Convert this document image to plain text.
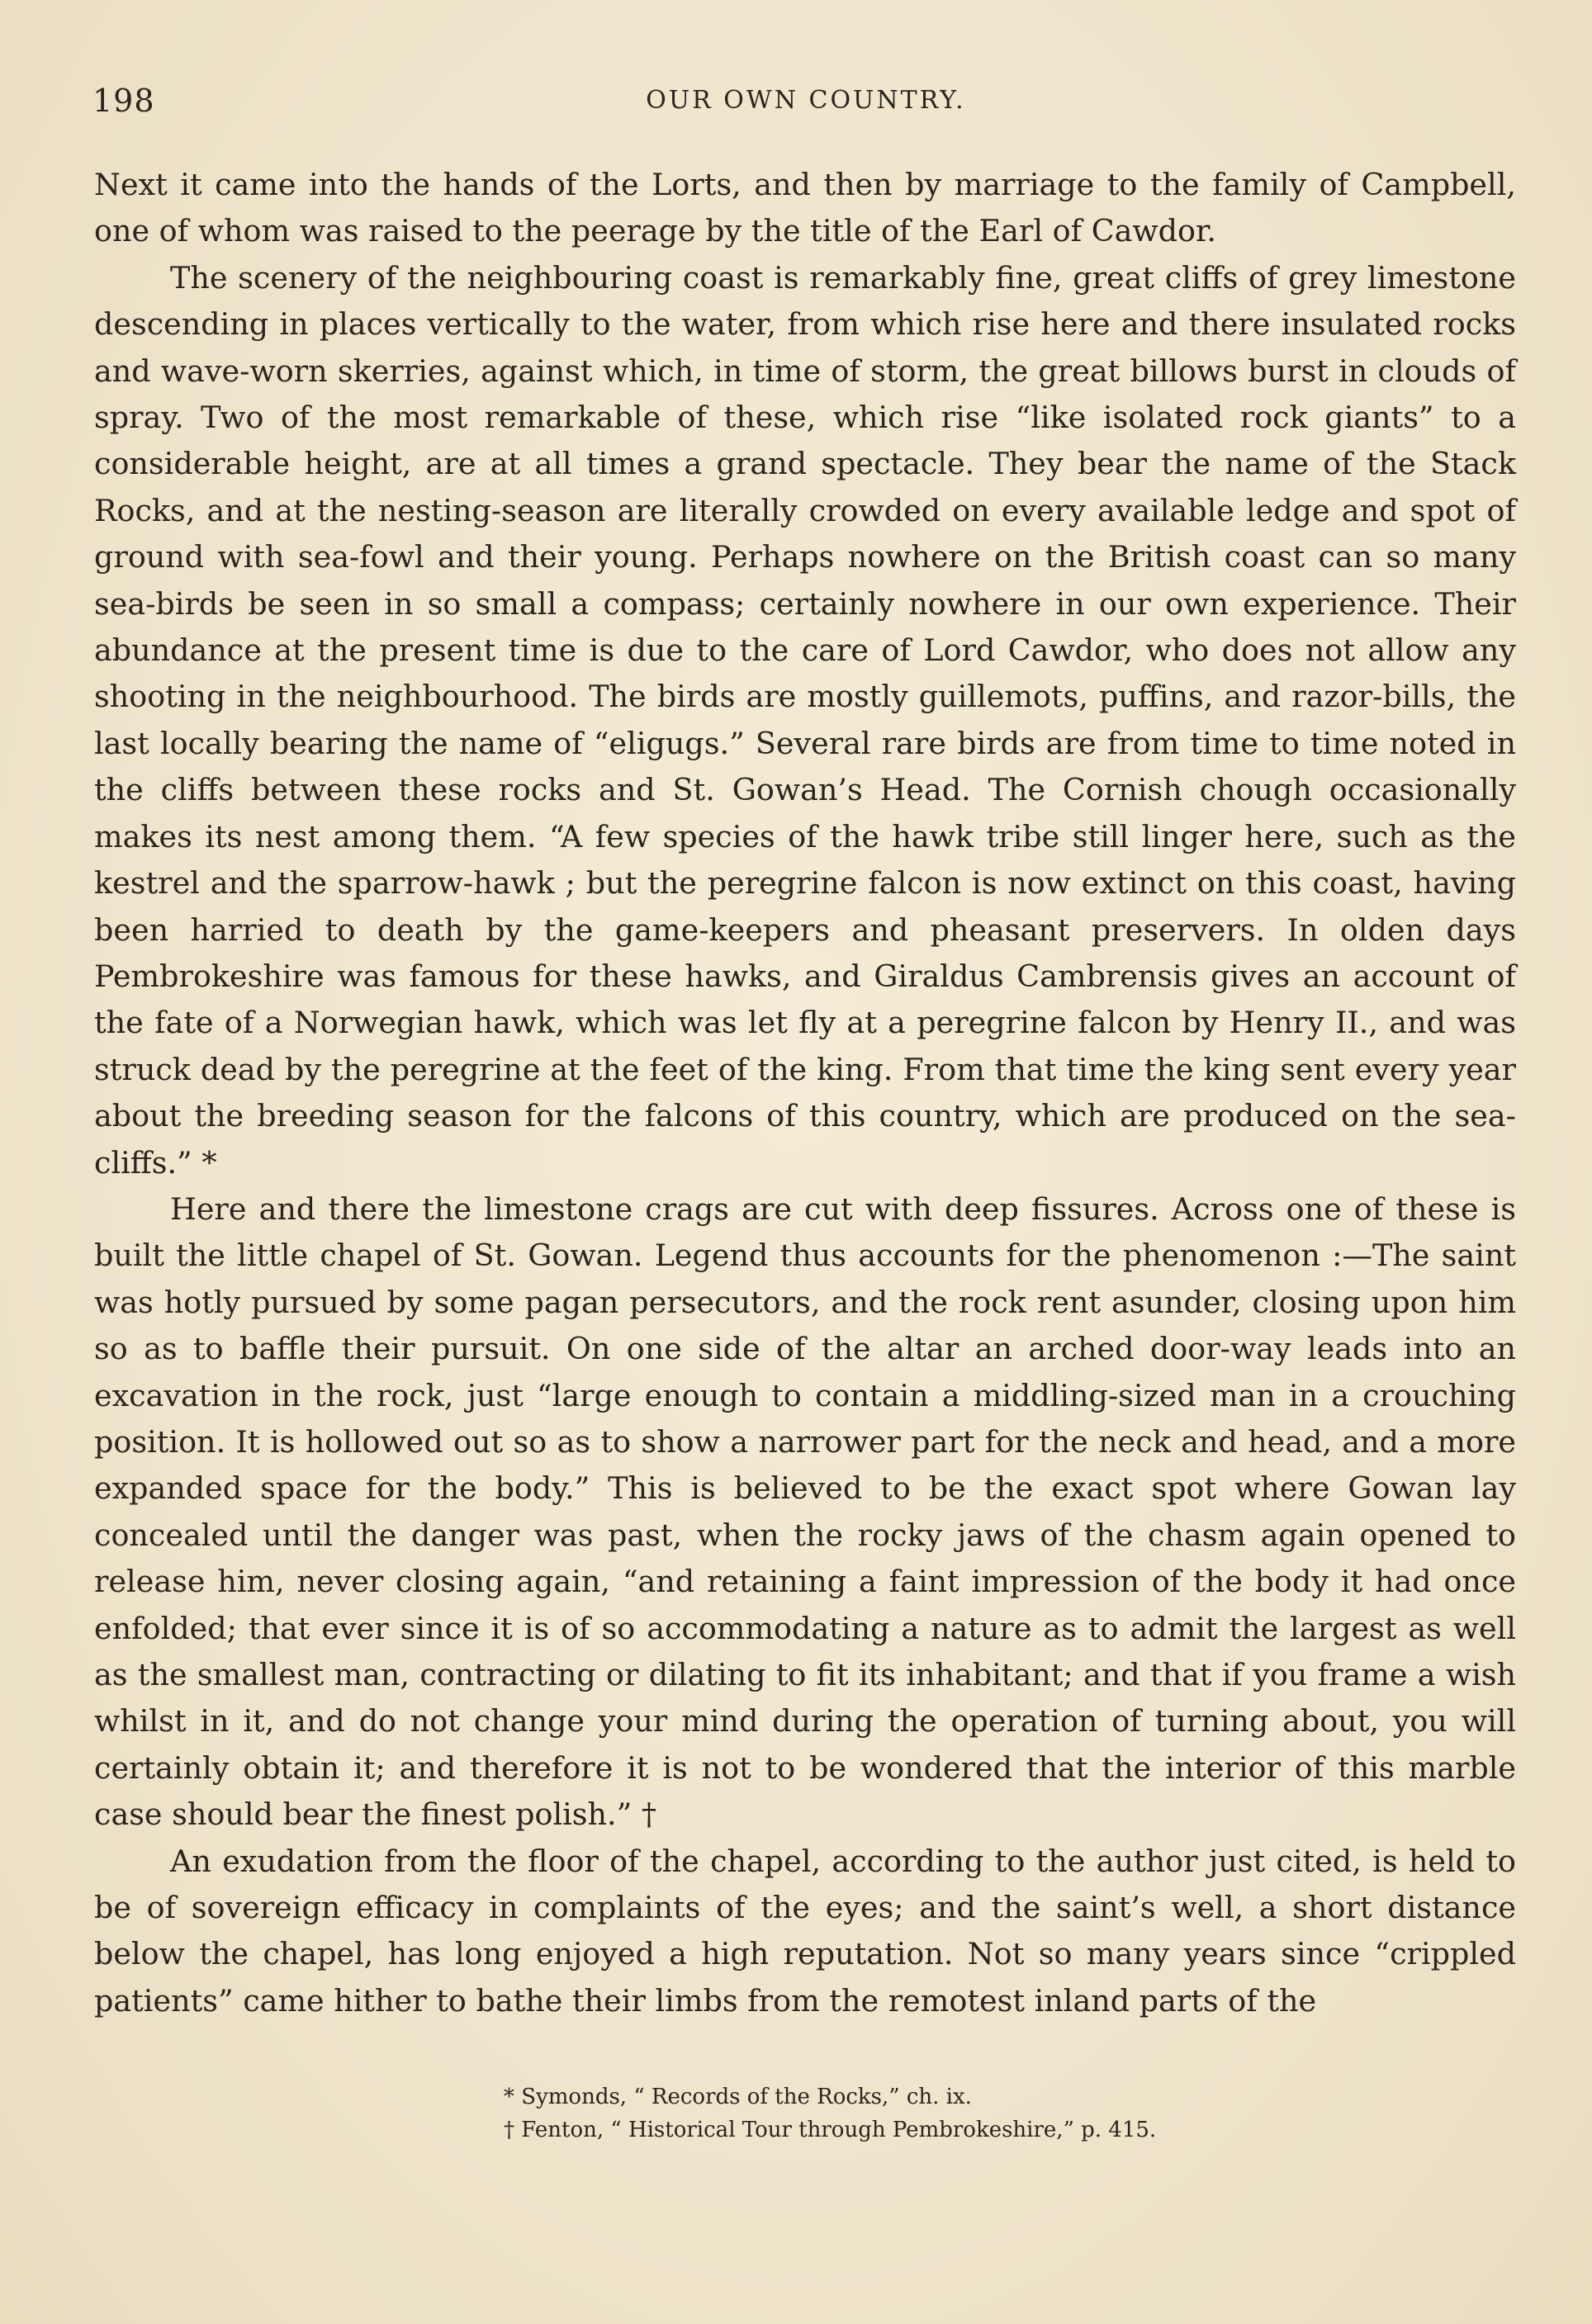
198	OUR OWN COUNTRY.

Next it came into the hands of the Lorts, and then by marriage to the family of Campbell, one of whom was raised to the peerage by the title of the Earl of Cawdor.

The scenery of the neighbouring coast is remarkably fine, great cliffs of grey limestone descending in places vertically to the water, from which rise here and there insulated rocks and wave-worn skerries, against which, in time of storm, the great billows burst in clouds of spray. Two of the most remarkable of these, which rise “like isolated rock giants” to a considerable height, are at all times a grand spectacle. They bear the name of the Stack Rocks, and at the nesting-season are literally crowded on every available ledge and spot of ground with sea-fowl and their young. Perhaps nowhere on the British coast can so many sea-birds be seen in so small a compass; certainly nowhere in our own experience. Their abundance at the present time is due to the care of Lord Cawdor, who does not allow any shooting in the neighbourhood. The birds are mostly guillemots, puffins, and razor-bills, the last locally bearing the name of “eligugs.” Several rare birds are from time to time noted in the cliffs between these rocks and St. Gowan’s Head. The Cornish chough occasionally makes its nest among them. “A few species of the hawk tribe still linger here, such as the kestrel and the sparrow-hawk ; but the peregrine falcon is now extinct on this coast, having been harried to death by the game-keepers and pheasant preservers. In olden days Pembrokeshire was famous for these hawks, and Giraldus Cambrensis gives an account of the fate of a Norwegian hawk, which was let fly at a peregrine falcon by Henry II., and was struck dead by the peregrine at the feet of the king. From that time the king sent every year about the breeding season for the falcons of this country, which are produced on the sea-cliffs.” *

Here and there the limestone crags are cut with deep fissures. Across one of these is built the little chapel of St. Gowan. Legend thus accounts for the phenomenon :—The saint was hotly pursued by some pagan persecutors, and the rock rent asunder, closing upon him so as to baffle their pursuit. On one side of the altar an arched door-way leads into an excavation in the rock, just “large enough to contain a middling-sized man in a crouching position. It is hollowed out so as to show a narrower part for the neck and head, and a more expanded space for the body.” This is believed to be the exact spot where Gowan lay concealed until the danger was past, when the rocky jaws of the chasm again opened to release him, never closing again, “and retaining a faint impression of the body it had once enfolded; that ever since it is of so accommodating a nature as to admit the largest as well as the smallest man, contracting or dilating to fit its inhabitant; and that if you frame a wish whilst in it, and do not change your mind during the operation of turning about, you will certainly obtain it; and therefore it is not to be wondered that the interior of this marble case should bear the finest polish.” †

An exudation from the floor of the chapel, according to the author just cited, is held to be of sovereign efficacy in complaints of the eyes; and the saint’s well, a short distance below the chapel, has long enjoyed a high reputation. Not so many years since “crippled patients” came hither to bathe their limbs from the remotest inland parts of the

* Symonds, “ Records of the Rocks,” ch. ix.
† Fenton, “ Historical Tour through Pembrokeshire,” p. 415.
